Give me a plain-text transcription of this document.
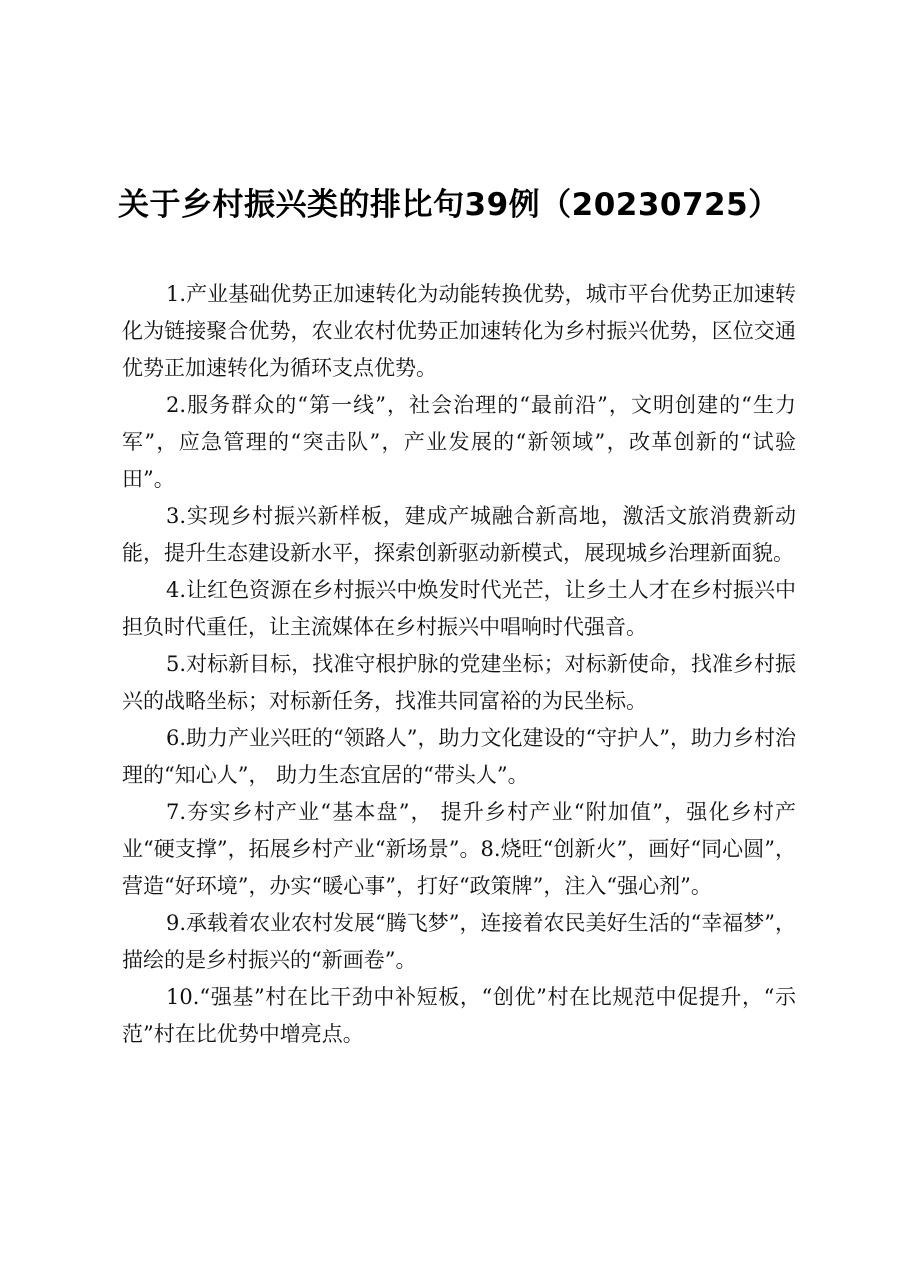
关于乡村振兴类的排比句39例（20230725）

1.产业基础优势正加速转化为动能转换优势，城市平台优势正加速转化为链接聚合优势，农业农村优势正加速转化为乡村振兴优势，区位交通优势正加速转化为循环支点优势。

2.服务群众的“第一线”，社会治理的“最前沿”，文明创建的“生力军”，应急管理的“突击队”，产业发展的“新领域”，改革创新的“试验田”。

3.实现乡村振兴新样板，建成产城融合新高地，激活文旅消费新动能，提升生态建设新水平，探索创新驱动新模式，展现城乡治理新面貌。

4.让红色资源在乡村振兴中焕发时代光芒，让乡土人才在乡村振兴中担负时代重任，让主流媒体在乡村振兴中唱响时代强音。

5.对标新目标，找准守根护脉的党建坐标；对标新使命，找准乡村振兴的战略坐标；对标新任务，找准共同富裕的为民坐标。

6.助力产业兴旺的“领路人”，助力文化建设的“守护人”，助力乡村治理的“知心人”， 助力生态宜居的“带头人”。

7.夯实乡村产业“基本盘”， 提升乡村产业“附加值”，强化乡村产业“硬支撑”，拓展乡村产业“新场景”。8.烧旺“创新火”，画好“同心圆”，营造“好环境”，办实“暖心事”，打好“政策牌”，注入“强心剂”。

9.承载着农业农村发展“腾飞梦”，连接着农民美好生活的“幸福梦”，描绘的是乡村振兴的“新画卷”。

10.“强基”村在比干劲中补短板，“创优”村在比规范中促提升，“示范”村在比优势中增亮点。
